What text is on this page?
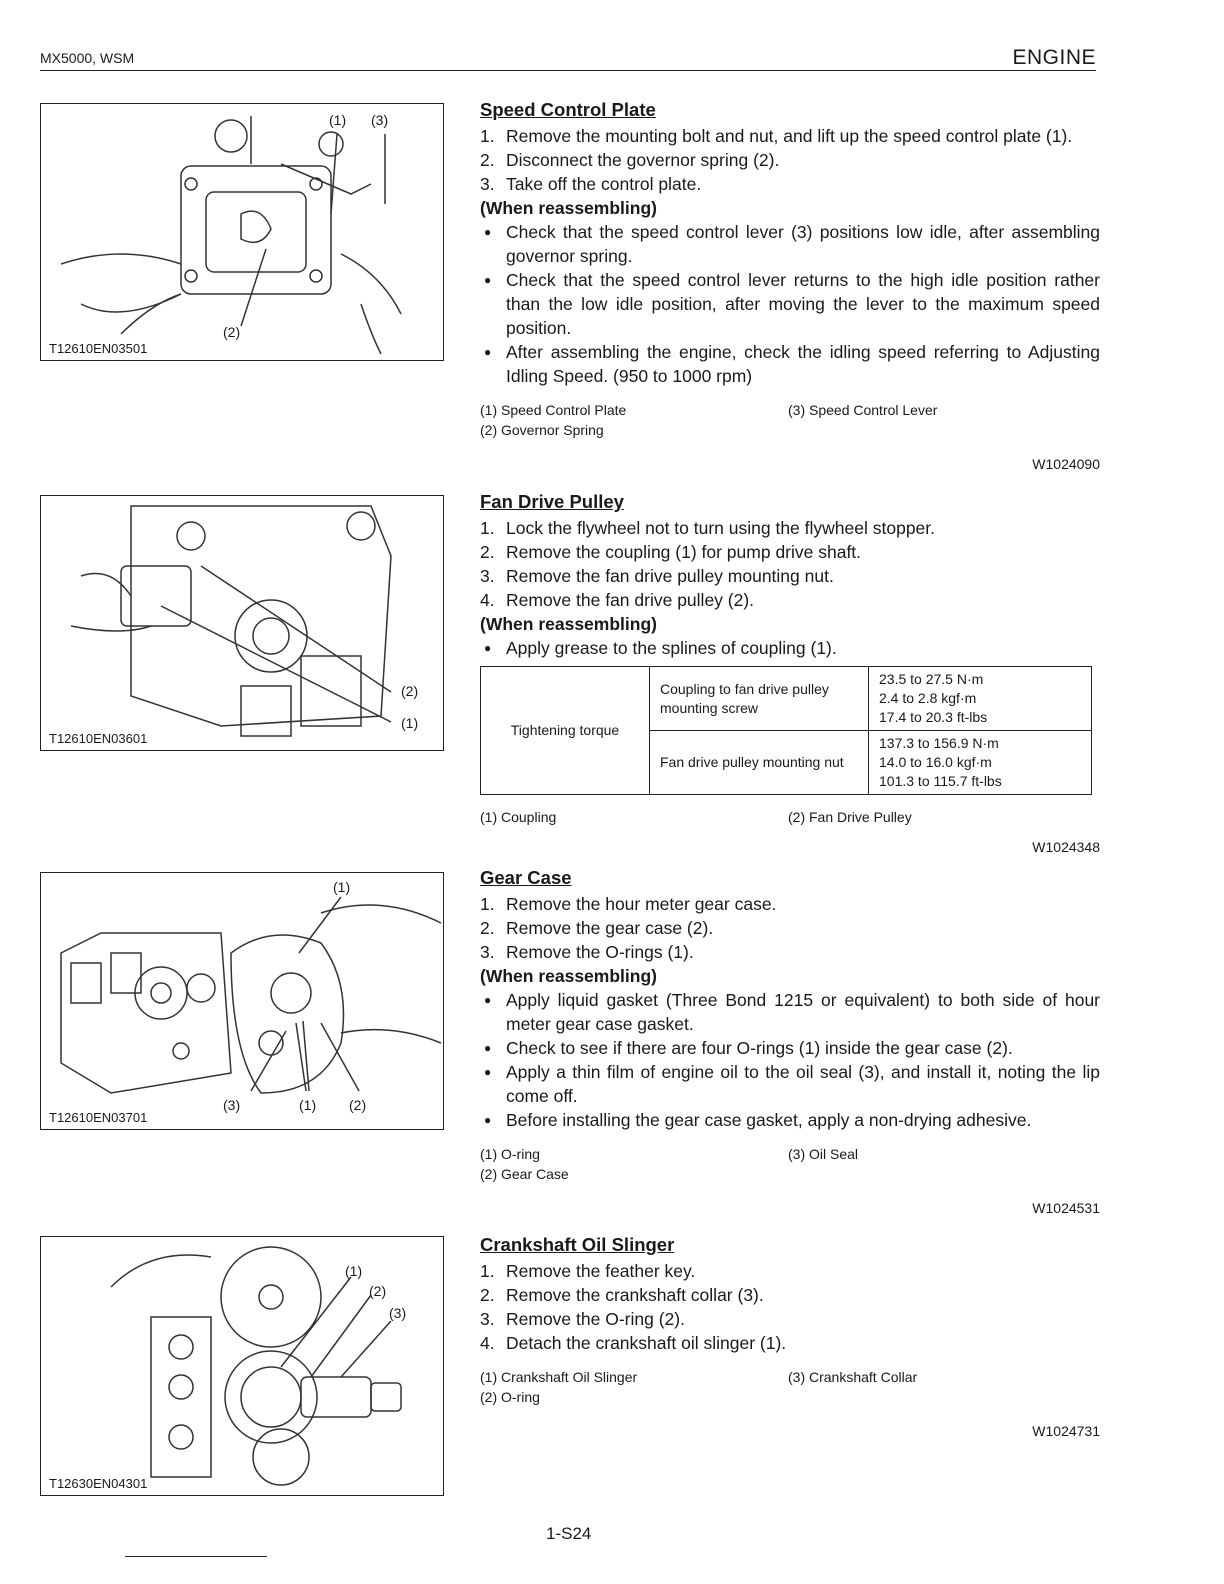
MX5000, WSM	ENGINE
(1) (3)
(2)
T12610EN03501
(2)
(1)
T12610EN03601
(1)
(3)	(1) (2)
T12610EN03701
(1)
(2)
(3)
T12630EN04301
Speed Control Plate
1. Remove the mounting bolt and nut, and lift up the speed control plate (1).
2. Disconnect the governor spring (2).
3. Take off the control plate.

(When reassembling)

● Check that the speed control lever (3) positions low idle, after assembling governor spring.
● Check that the speed control lever returns to the high idle position rather than the low idle position, after moving the lever to the maximum speed position.
● After assembling the engine, check the idling speed referring to Adjusting Idling Speed. (950 to 1000 rpm)
(1) Speed Control Plate	(3) Speed Control Lever
(2) Governor Spring
W1024090
Fan Drive Pulley
1. Lock the flywheel not to turn using the flywheel stopper.
2. Remove the coupling (1) for pump drive shaft.
3. Remove the fan drive pulley mounting nut.
4. Remove the fan drive pulley (2).

(When reassembling)

● Apply grease to the splines of coupling (1).
Tightening torque	Coupling to fan drive pulley mounting screw	23.5 to 27.5 N·m
2.4 to 2.8 kgf·m
17.4 to 20.3 ft-lbs

	Fan drive pulley mounting nut	137.3 to 156.9 N·m
14.0 to 16.0 kgf·m
101.3 to 115.7 ft-lbs
(1) Coupling	(2) Fan Drive Pulley
W1024348
Gear Case
1. Remove the hour meter gear case.
2. Remove the gear case (2).
3. Remove the O-rings (1).

(When reassembling)

● Apply liquid gasket (Three Bond 1215 or equivalent) to both side of hour meter gear case gasket.
● Check to see if there are four O-rings (1) inside the gear case (2).
● Apply a thin film of engine oil to the oil seal (3), and install it, noting the lip come off.
● Before installing the gear case gasket, apply a non-drying adhesive.
(1) O-ring	(3) Oil Seal
(2) Gear Case
W1024531
Crankshaft Oil Slinger
1. Remove the feather key.
2. Remove the crankshaft collar (3).
3. Remove the O-ring (2).
4. Detach the crankshaft oil slinger (1).
(1) Crankshaft Oil Slinger	(3) Crankshaft Collar
(2) O-ring
W1024731
1-S24
